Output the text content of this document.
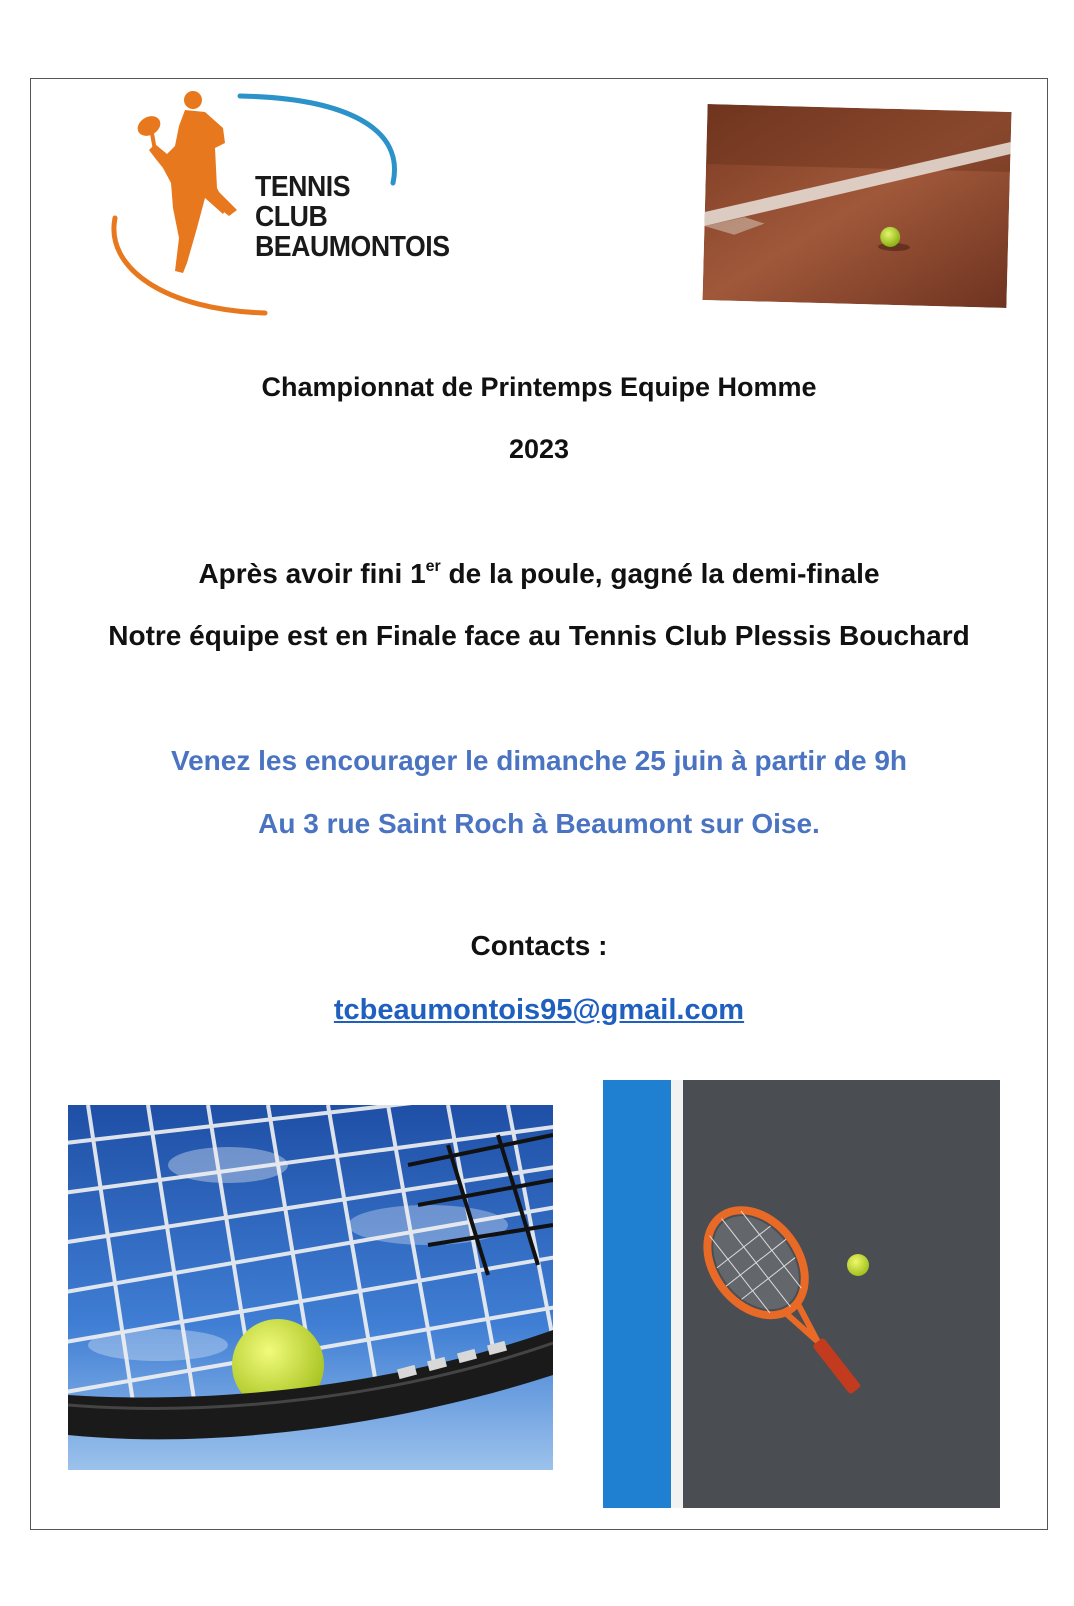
TENNIS
CLUB
BEAUMONTOIS
Championnat de Printemps Equipe Homme
2023
Après avoir fini 1er de la poule, gagné la demi-finale
Notre équipe est en Finale face au Tennis Club Plessis Bouchard
Venez les encourager le dimanche 25 juin à partir de 9h
Au 3 rue Saint Roch à Beaumont sur Oise.
Contacts :
tcbeaumontois95@gmail.com
